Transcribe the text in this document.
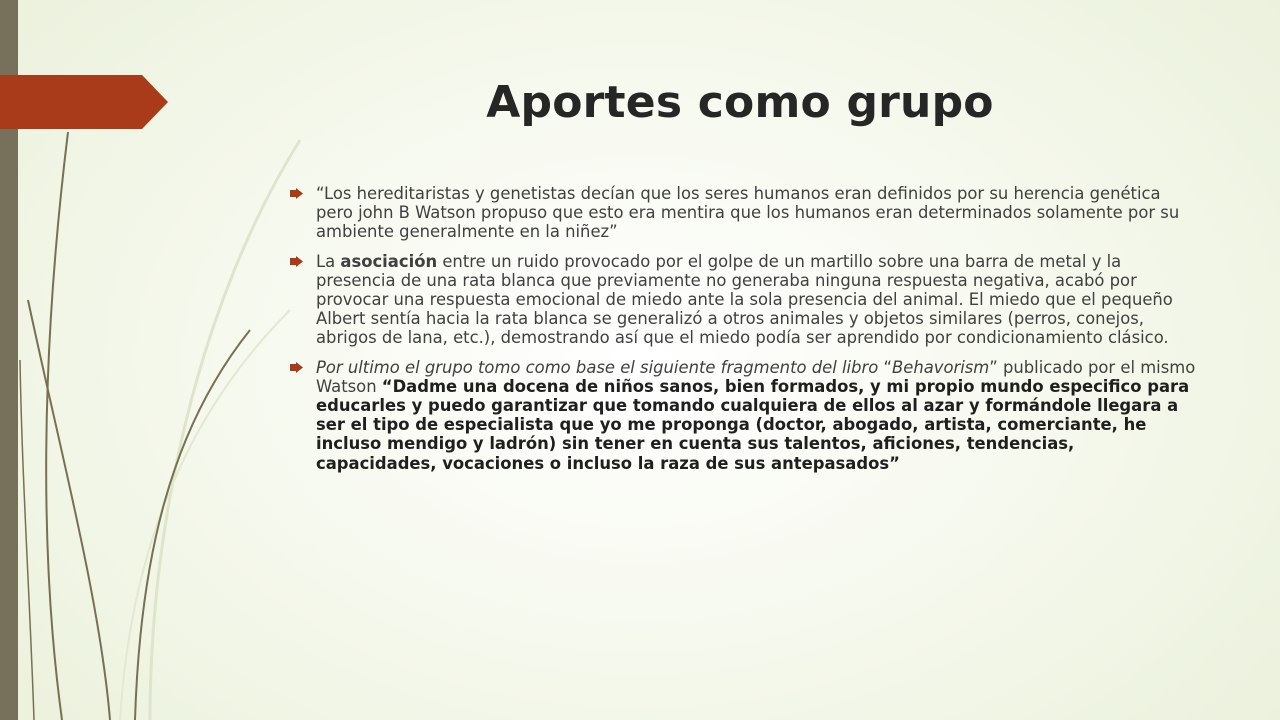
Aportes como grupo
“Los hereditaristas y genetistas decían que los seres humanos eran definidos por su herencia genética pero john B Watson propuso que esto era mentira que los humanos eran determinados solamente por su ambiente generalmente en la niñez”
La asociación entre un ruido provocado por el golpe de un martillo sobre una barra de metal y la presencia de una rata blanca que previamente no generaba ninguna respuesta negativa, acabó por provocar una respuesta emocional de miedo ante la sola presencia del animal. El miedo que el pequeño Albert sentía hacia la rata blanca se generalizó a otros animales y objetos similares (perros, conejos, abrigos de lana, etc.), demostrando así que el miedo podía ser aprendido por condicionamiento clásico.
Por ultimo el grupo tomo como base el siguiente fragmento del libro “Behavorism” publicado por el mismo Watson “Dadme una docena de niños sanos, bien formados, y mi propio mundo especifico para educarles y puedo garantizar que tomando cualquiera de ellos al azar y formándole llegara a ser el tipo de especialista que yo me proponga (doctor, abogado, artista, comerciante, he incluso mendigo y ladrón) sin tener en cuenta sus talentos, aficiones, tendencias, capacidades, vocaciones o incluso la raza de sus antepasados”
